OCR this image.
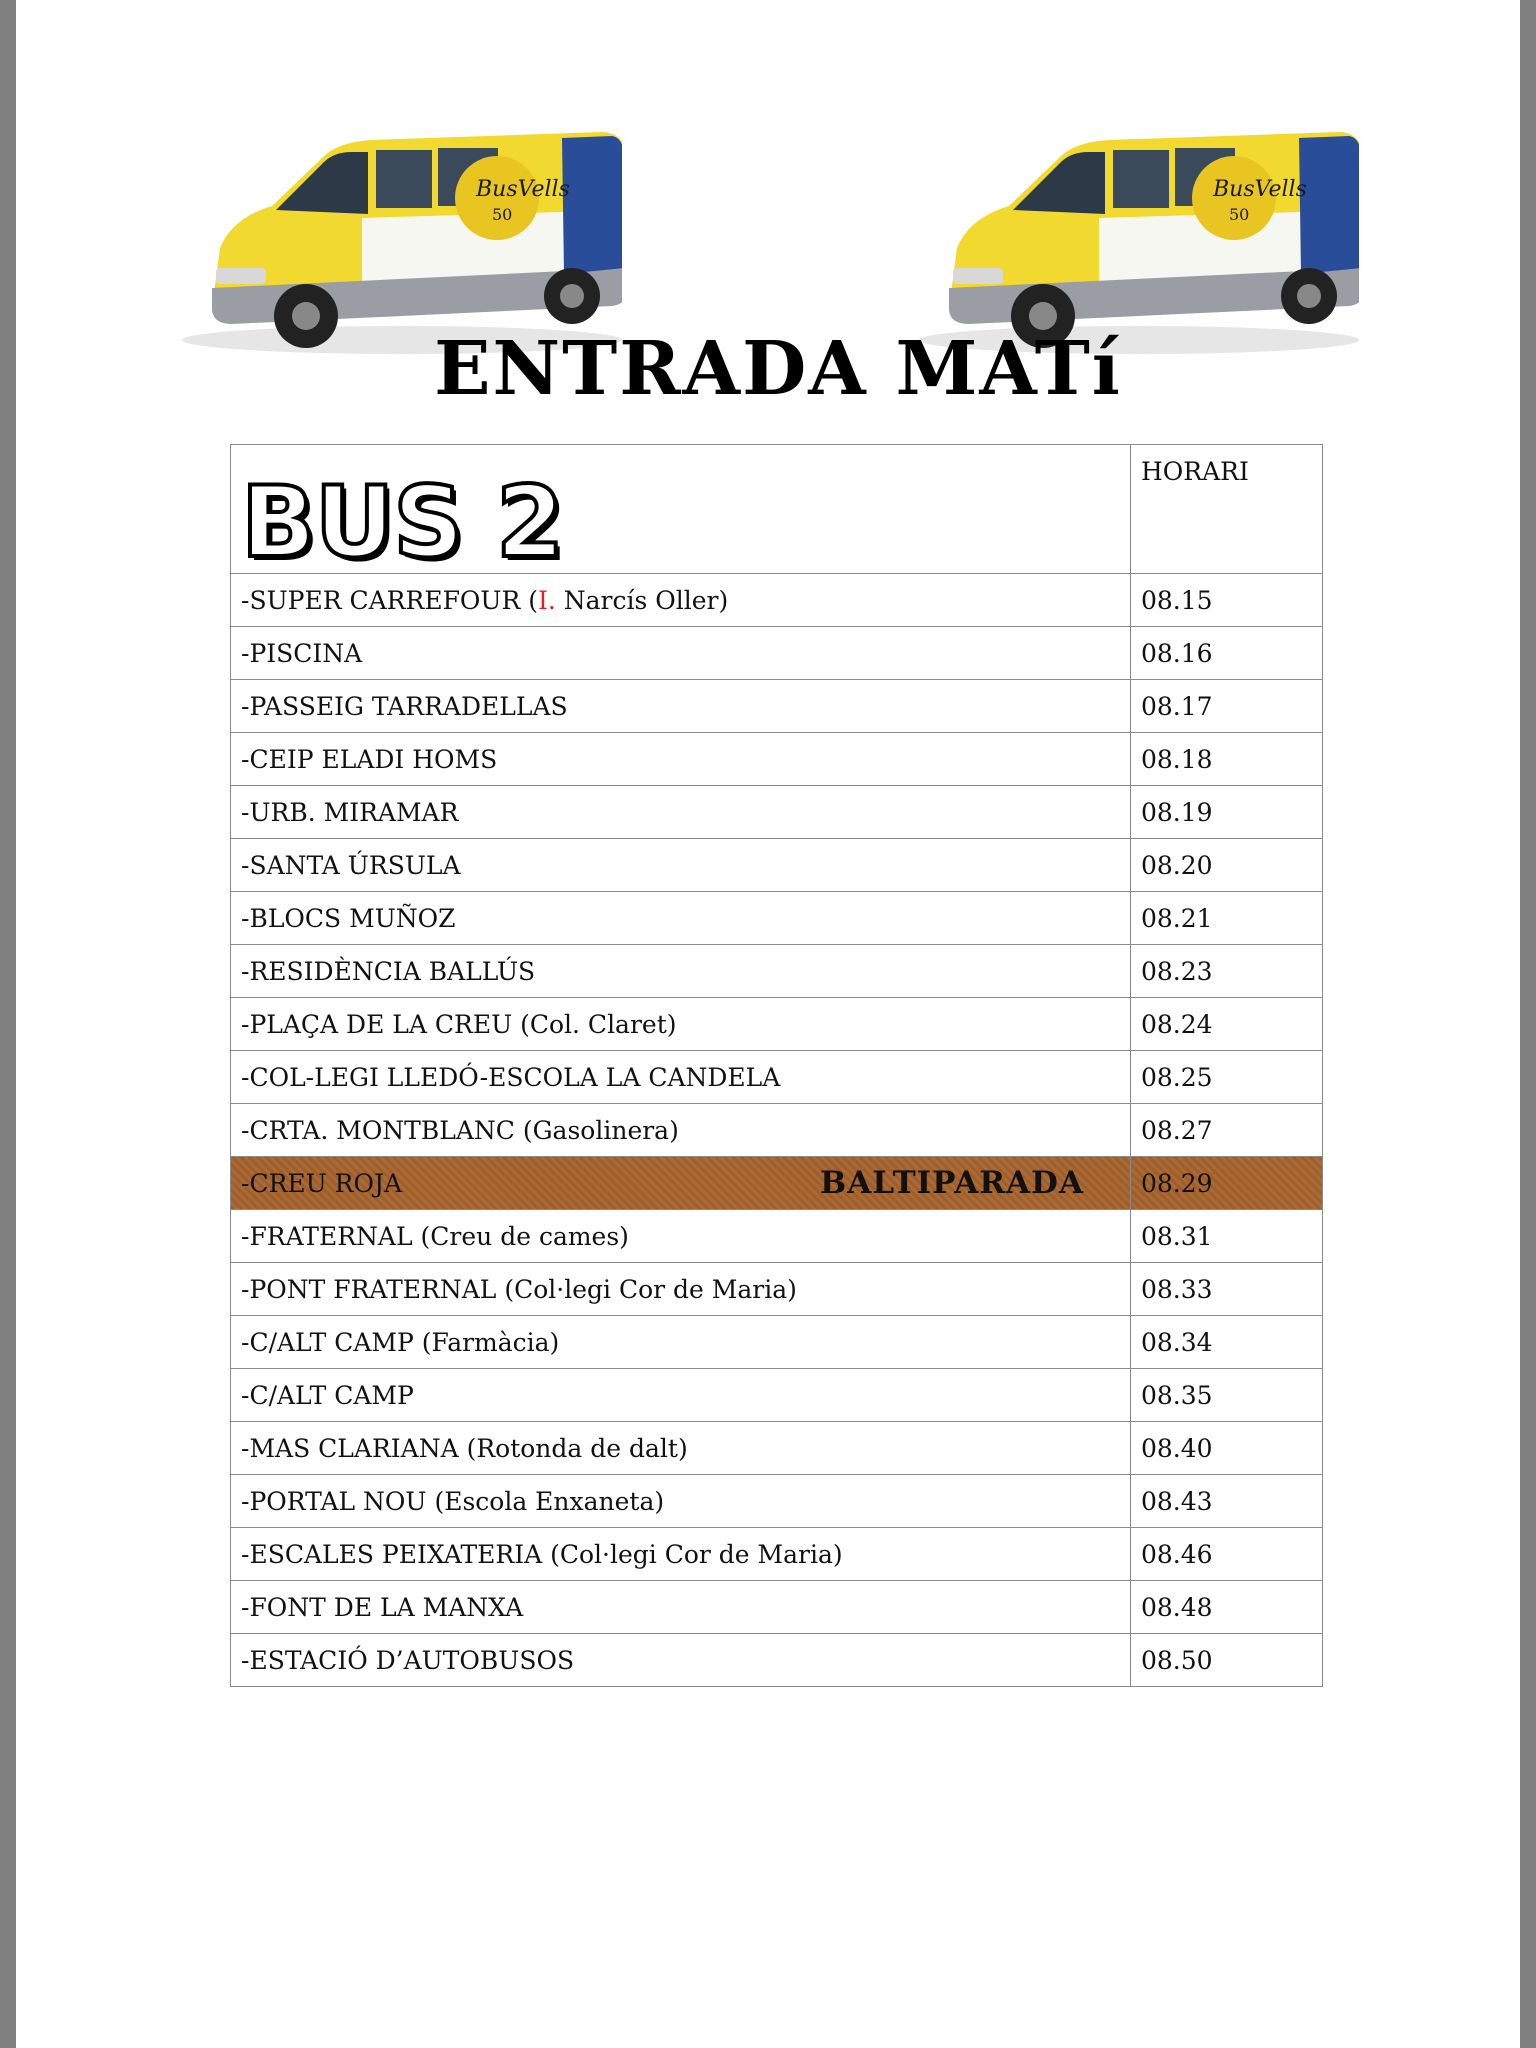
BusVells
50
BusVells
50
ENTRADA MATí
BUS 2	HORARI
-SUPER CARREFOUR (I. Narcís Oller)	08.15
-PISCINA	08.16
-PASSEIG TARRADELLAS	08.17
-CEIP ELADI HOMS	08.18
-URB. MIRAMAR	08.19
-SANTA ÚRSULA	08.20
-BLOCS MUÑOZ	08.21
-RESIDÈNCIA BALLÚS	08.23
-PLAÇA DE LA CREU (Col. Claret)	08.24
-COL-LEGI LLEDÓ-ESCOLA LA CANDELA	08.25
-CRTA. MONTBLANC (Gasolinera)	08.27

-CREU ROJA BALTIPARADA	08.29
-FRATERNAL (Creu de cames)	08.31
-PONT FRATERNAL (Col·legi Cor de Maria)	08.33
-C/ALT CAMP (Farmàcia)	08.34
-C/ALT CAMP	08.35
-MAS CLARIANA (Rotonda de dalt)	08.40
-PORTAL NOU (Escola Enxaneta)	08.43
-ESCALES PEIXATERIA (Col·legi Cor de Maria)	08.46
-FONT DE LA MANXA	08.48
-ESTACIÓ D’AUTOBUSOS	08.50
